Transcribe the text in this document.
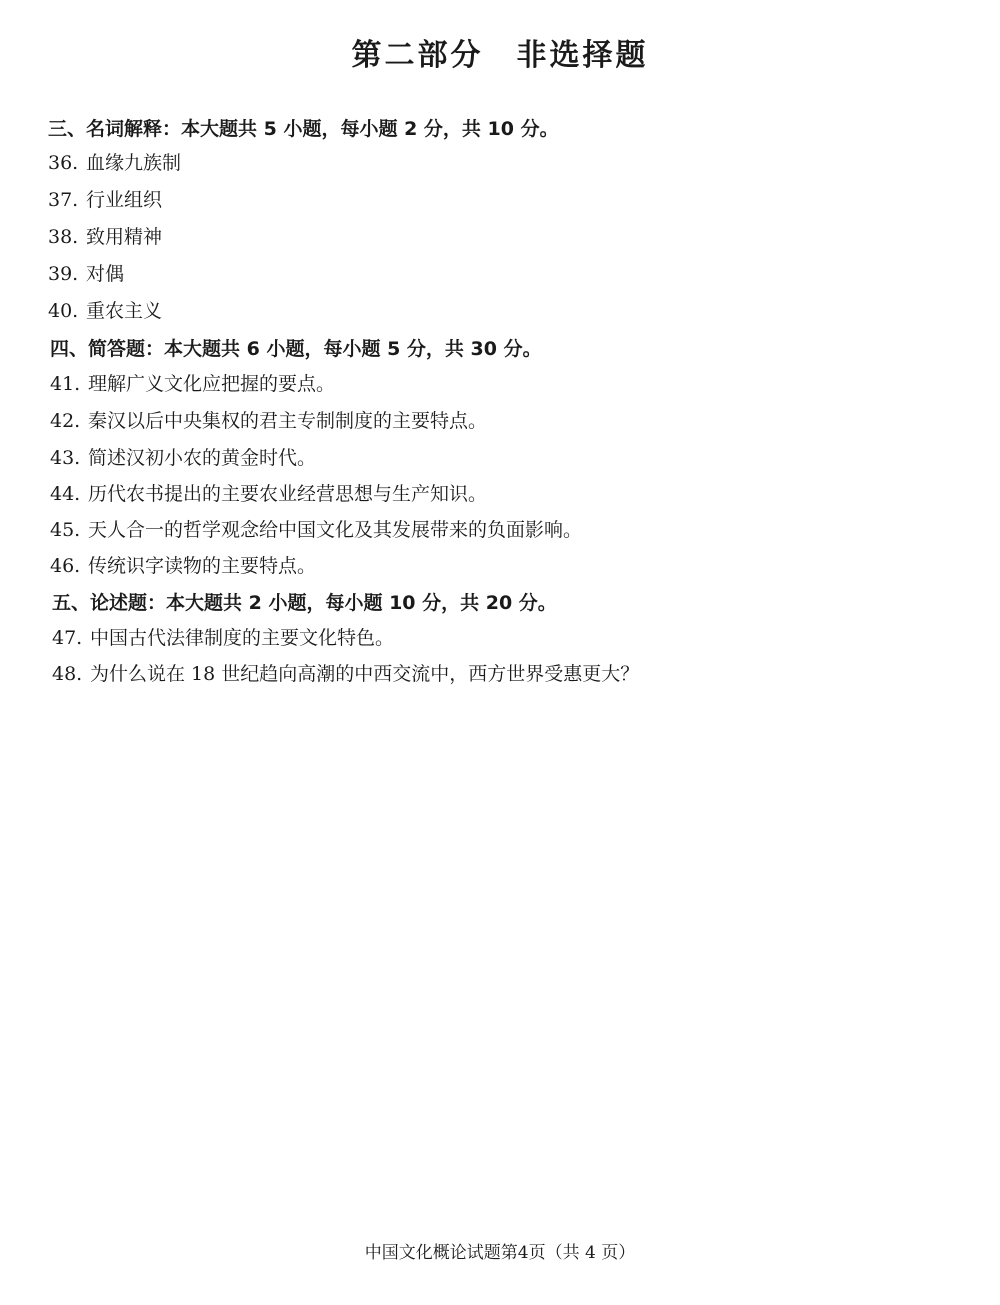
第二部分　非选择题
三、名词解释：本大题共 5 小题，每小题 2 分，共 10 分。
36. 血缘九族制
37. 行业组织
38. 致用精神
39. 对偶
40. 重农主义
四、简答题：本大题共 6 小题，每小题 5 分，共 30 分。
41. 理解广义文化应把握的要点。
42. 秦汉以后中央集权的君主专制制度的主要特点。
43. 简述汉初小农的黄金时代。
44. 历代农书提出的主要农业经营思想与生产知识。
45. 天人合一的哲学观念给中国文化及其发展带来的负面影响。
46. 传统识字读物的主要特点。
五、论述题：本大题共 2 小题，每小题 10 分，共 20 分。
47. 中国古代法律制度的主要文化特色。
48. 为什么说在 18 世纪趋向高潮的中西交流中，西方世界受惠更大？
中国文化概论试题第4页（共 4 页）
